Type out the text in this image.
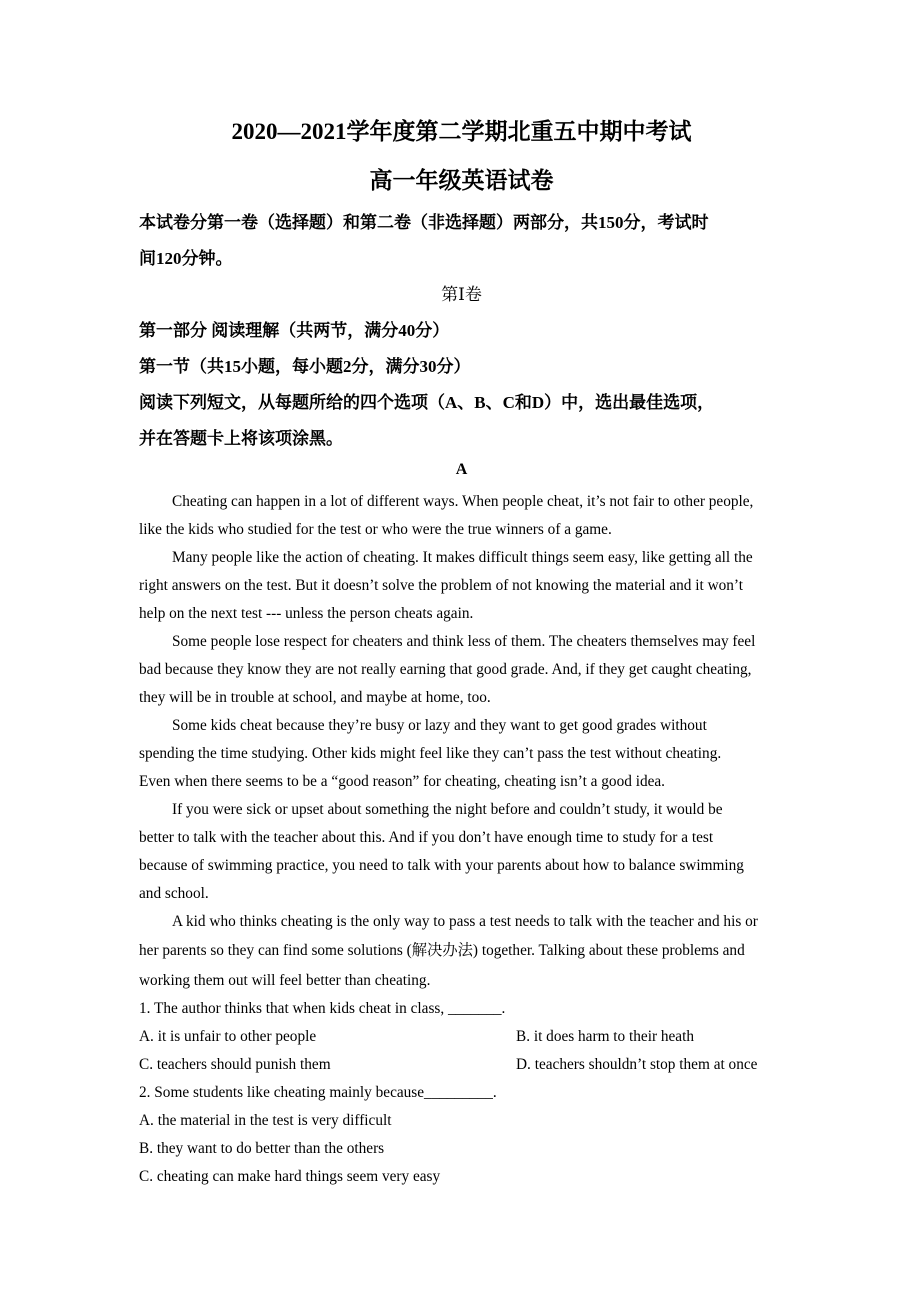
2020—2021学年度第二学期北重五中期中考试
高一年级英语试卷
本试卷分第一卷（选择题）和第二卷（非选择题）两部分，共150分，考试时
间120分钟。
第Ⅰ卷
第一部分 阅读理解（共两节，满分40分）
第一节（共15小题，每小题2分，满分30分）
阅读下列短文，从每题所给的四个选项（A、B、C和D）中，选出最佳选项，
并在答题卡上将该项涂黑。
A
Cheating can happen in a lot of different ways. When people cheat, it’s not fair to other people,
like the kids who studied for the test or who were the true winners of a game.
Many people like the action of cheating. It makes difficult things seem easy, like getting all the
right answers on the test. But it doesn’t solve the problem of not knowing the material and it won’t
help on the next test --- unless the person cheats again.
Some people lose respect for cheaters and think less of them. The cheaters themselves may feel
bad because they know they are not really earning that good grade. And, if they get caught cheating,
they will be in trouble at school, and maybe at home, too.
Some kids cheat because they’re busy or lazy and they want to get good grades without
spending the time studying. Other kids might feel like they can’t pass the test without cheating.
Even when there seems to be a “good reason” for cheating, cheating isn’t a good idea.
If you were sick or upset about something the night before and couldn’t study, it would be
better to talk with the teacher about this. And if you don’t have enough time to study for a test
because of swimming practice, you need to talk with your parents about how to balance swimming
and school.
A kid who thinks cheating is the only way to pass a test needs to talk with the teacher and his or
her parents so they can find some solutions (解决办法) together. Talking about these problems and
working them out will feel better than cheating.
1. The author thinks that when kids cheat in class, _______.
A. it is unfair to other people	B. it does harm to their heath
C. teachers should punish them	D. teachers shouldn’t stop them at once
2. Some students like cheating mainly because_________.
A. the material in the test is very difficult
B. they want to do better than the others
C. cheating can make hard things seem very easy
